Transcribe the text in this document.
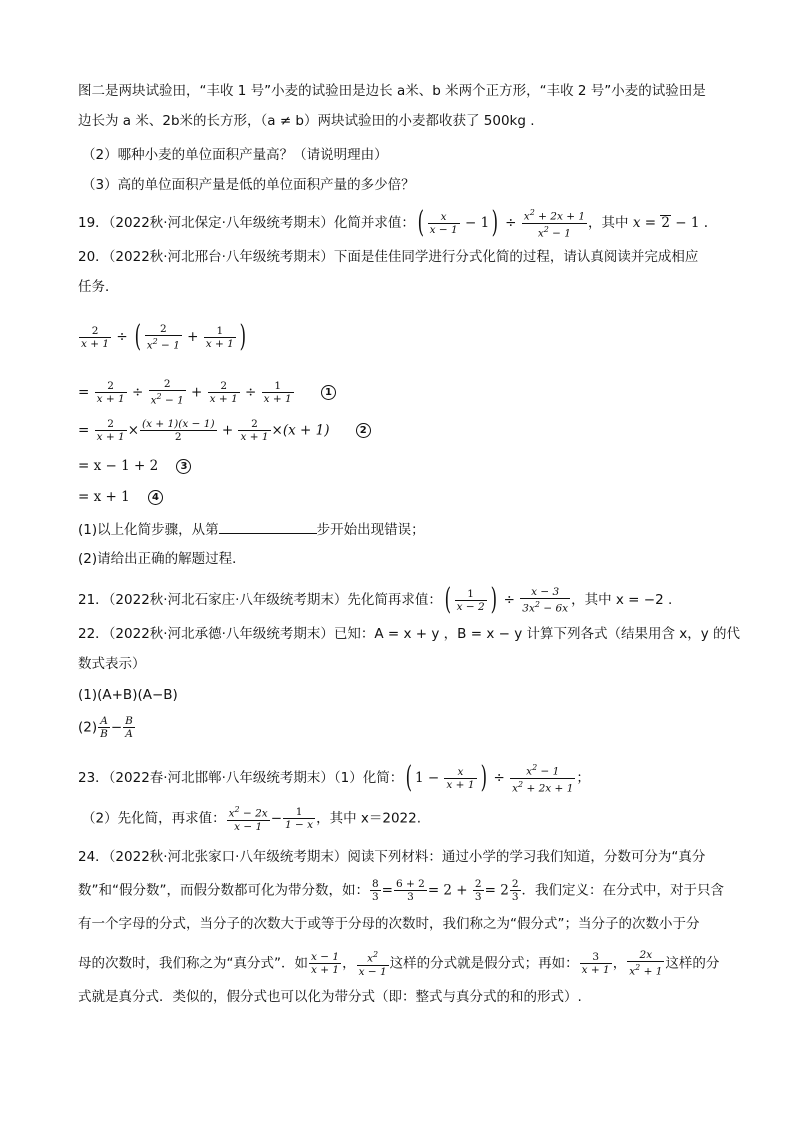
图二是两块试验田，“丰收 1 号”小麦的试验田是边长 a米、b 米两个正方形，“丰收 2 号”小麦的试验田是
边长为 a 米、2b米的长方形，（a ≠ b）两块试验田的小麦都收获了 500kg .
（2）哪种小麦的单位面积产量高？（请说明理由）
（3）高的单位面积产量是低的单位面积产量的多少倍？
19．（2022秋·河北保定·八年级统考期末）化简并求值：( $\frac{x}{x - 1} - 1) \div \frac{x^2 + 2x + 1}{x^2 - 1}$ ，其中 x = 2 − 1 .
20．（2022秋·河北邢台·八年级统考期末）下面是佳佳同学进行分式化简的过程，请认真阅读并完成相应
任务．
$\frac{2}{x + 1}$ ÷ ( $\frac{2}{x^2 - 1} + \frac{1}{x + 1}$ )
= $\frac{2}{x + 1} \div \frac{2}{x^2 - 1} + \frac{2}{x + 1} \div \frac{1}{x + 1}$	1
= $\frac{2}{x + 1} \times \frac{(x + 1)(x - 1)}{2} + \frac{2}{x + 1} \times(x + 1)$	2
= x − 1 + 2 3
= x + 1 4
(1)以上化简步骤，从第	步开始出现错误；
(2)请给出正确的解题过程．
21．（2022秋·河北石家庄·八年级统考期末）先化简再求值：( $\frac{1}{x - 2}$ ) ÷ $\frac{x - 3}{3x^2 - 6x}$ ，其中 x = −2 .
22．（2022秋·河北承德·八年级统考期末）已知：A = x + y ，B = x − y 计算下列各式（结果用含 x，y 的代
数式表示）
(1)(A+B)(A−B)
$(2) \frac{A}{B} - \frac{B}{A}$
23．（2022春·河北邯郸·八年级统考期末）（1）化简：( $1 - \frac{x}{x + 1}$ ) ÷ $\frac{x^2 - 1}{x^2 + 2x + 1}$ ；
（2）先化简，再求值： $\frac{x^2 - 2x}{x - 1} - \frac{1}{1 - x}$ ，其中 x＝2022.
24．（2022秋·河北张家口·八年级统考期末）阅读下列材料：通过小学的学习我们知道，分数可分为“真分
数”和“假分数”，而假分数都可化为带分数，如： $\frac{8}{3} = \frac{6 + 2}{3} = 2 + \frac{2}{3} = 2 \frac{2}{3}$ ．我们定义：在分式中，对于只含
有一个字母的分式，当分子的次数大于或等于分母的次数时，我们称之为“假分式”；当分子的次数小于分
母的次数时，我们称之为“真分式”．如 $\frac{x - 1}{x + 1}$ ， $\frac{x^2}{x - 1}$ 这样的分式就是假分式；再如： $\frac{3}{x + 1}$ ， $\frac{2x}{x^2 + 1}$ 这样的分
式就是真分式．类似的，假分式也可以化为带分式（即：整式与真分式的和的形式）.
